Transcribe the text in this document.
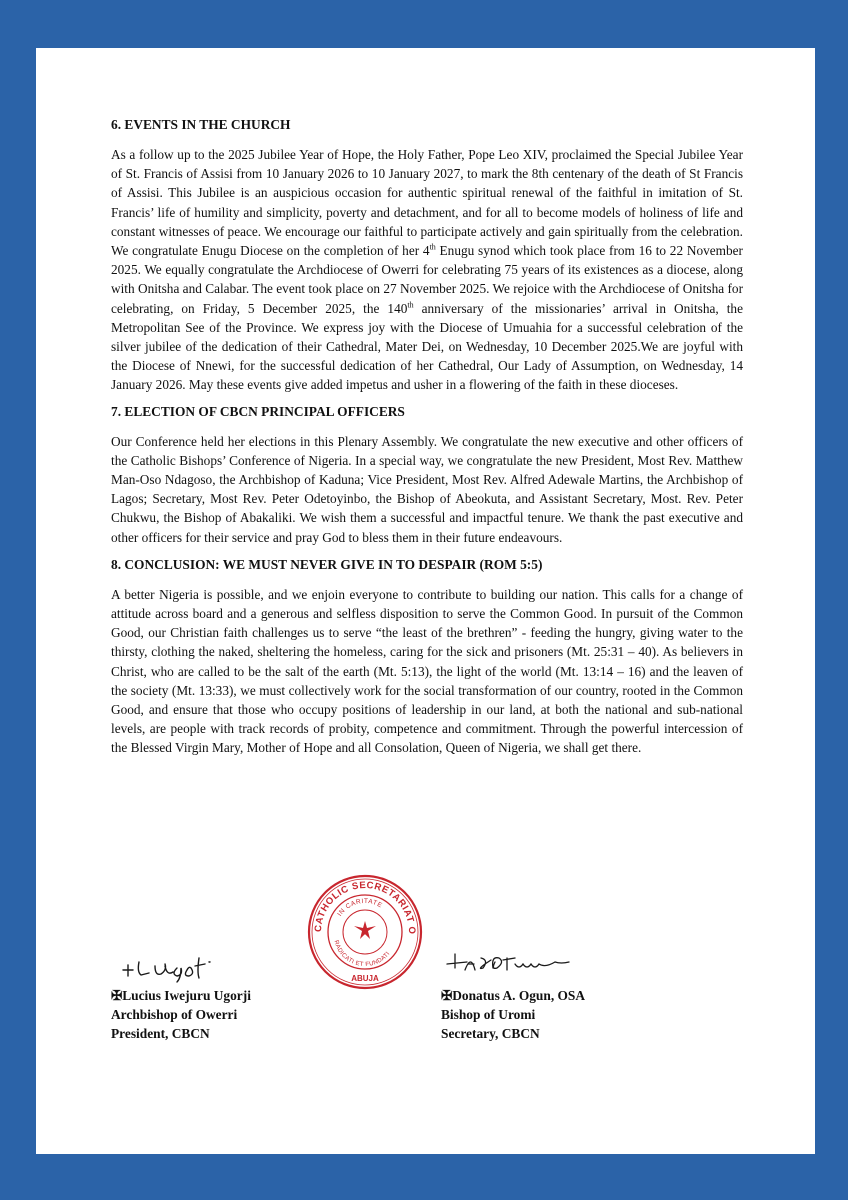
6. EVENTS IN THE CHURCH

As a follow up to the 2025 Jubilee Year of Hope, the Holy Father, Pope Leo XIV, proclaimed the Special Jubilee Year of St. Francis of Assisi from 10 January 2026 to 10 January 2027, to mark the 8th centenary of the death of St Francis of Assisi. This Jubilee is an auspicious occasion for authentic spiritual renewal of the faithful in imitation of St. Francis’ life of humility and simplicity, poverty and detachment, and for all to become models of holiness of life and constant witnesses of peace. We encourage our faithful to participate actively and gain spiritually from the celebration. We congratulate Enugu Diocese on the completion of her 4th Enugu synod which took place from 16 to 22 November 2025. We equally congratulate the Archdiocese of Owerri for celebrating 75 years of its existences as a diocese, along with Onitsha and Calabar. The event took place on 27 November 2025. We rejoice with the Archdiocese of Onitsha for celebrating, on Friday, 5 December 2025, the 140th anniversary of the missionaries’ arrival in Onitsha, the Metropolitan See of the Province. We express joy with the Diocese of Umuahia for a successful celebration of the silver jubilee of the dedication of their Cathedral, Mater Dei, on Wednesday, 10 December 2025.We are joyful with the Diocese of Nnewi, for the successful dedication of her Cathedral, Our Lady of Assumption, on Wednesday, 14 January 2026. May these events give added impetus and usher in a flowering of the faith in these dioceses.

7. ELECTION OF CBCN PRINCIPAL OFFICERS

Our Conference held her elections in this Plenary Assembly. We congratulate the new executive and other officers of the Catholic Bishops’ Conference of Nigeria. In a special way, we congratulate the new President, Most Rev. Matthew Man-Oso Ndagoso, the Archbishop of Kaduna; Vice President, Most Rev. Alfred Adewale Martins, the Archbishop of Lagos; Secretary, Most Rev. Peter Odetoyinbo, the Bishop of Abeokuta, and Assistant Secretary, Most. Rev. Peter Chukwu, the Bishop of Abakaliki. We wish them a successful and impactful tenure. We thank the past executive and other officers for their service and pray God to bless them in their future endeavours.

8. CONCLUSION: WE MUST NEVER GIVE IN TO DESPAIR (ROM 5:5)

A better Nigeria is possible, and we enjoin everyone to contribute to building our nation. This calls for a change of attitude across board and a generous and selfless disposition to serve the Common Good. In pursuit of the Common Good, our Christian faith challenges us to serve “the least of the brethren” - feeding the hungry, giving water to the thirsty, clothing the naked, sheltering the homeless, caring for the sick and prisoners (Mt. 25:31 – 40). As believers in Christ, who are called to be the salt of the earth (Mt. 5:13), the light of the world (Mt. 13:14 – 16) and the leaven of the society (Mt. 13:33), we must collectively work for the social transformation of our country, rooted in the Common Good, and ensure that those who occupy positions of leadership in our land, at both the national and sub-national levels, are people with track records of probity, competence and commitment. Through the powerful intercession of the Blessed Virgin Mary, Mother of Hope and all Consolation, Queen of Nigeria, we shall get there.

✠Lucius Iwejuru Ugorji
Archbishop of Owerri
President, CBCN
CATHOLIC SECRETARIAT O
IN CARITATE
RADICATI ET FUNDATI
ABUJA
✠Donatus A. Ogun, OSA
Bishop of Uromi
Secretary, CBCN
